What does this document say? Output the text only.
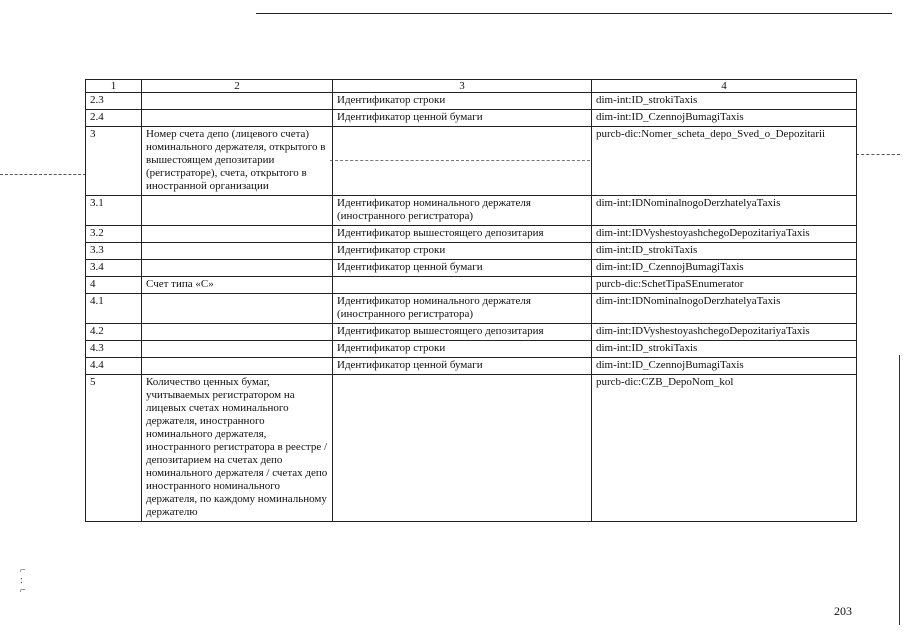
⌐
:
⌐
1	2	3	4
2.3		Идентификатор строки	dim-int:ID_strokiTaxis
2.4		Идентификатор ценной бумаги	dim-int:ID_CzennojBumagiTaxis
3	Номер счета депо (лицевого счета) номинального держателя, открытого в вышестоящем депозитарии (регистраторе), счета, открытого в иностранной организации		purcb-dic:Nomer_scheta_depo_Sved_o_Depozitarii
3.1		Идентификатор номинального держателя (иностранного регистратора)	dim-int:IDNominalnogoDerzhatelyaTaxis
3.2		Идентификатор вышестоящего депозитария	dim-int:IDVyshestoyashchegoDepozitariyaTaxis
3.3		Идентификатор строки	dim-int:ID_strokiTaxis
3.4		Идентификатор ценной бумаги	dim-int:ID_CzennojBumagiTaxis
4	Счет типа «С»		purcb-dic:SchetTipaSEnumerator
4.1		Идентификатор номинального держателя (иностранного регистратора)	dim-int:IDNominalnogoDerzhatelyaTaxis
4.2		Идентификатор вышестоящего депозитария	dim-int:IDVyshestoyashchegoDepozitariyaTaxis
4.3		Идентификатор строки	dim-int:ID_strokiTaxis
4.4		Идентификатор ценной бумаги	dim-int:ID_CzennojBumagiTaxis
5	Количество ценных бумаг, учитываемых регистратором на лицевых счетах номинального держателя, иностранного номинального держателя, иностранного регистратора в реестре / депозитарием на счетах депо номинального держателя / счетах депо иностранного номинального держателя, по каждому номинальному держателю		purcb-dic:CZB_DepoNom_kol
203
